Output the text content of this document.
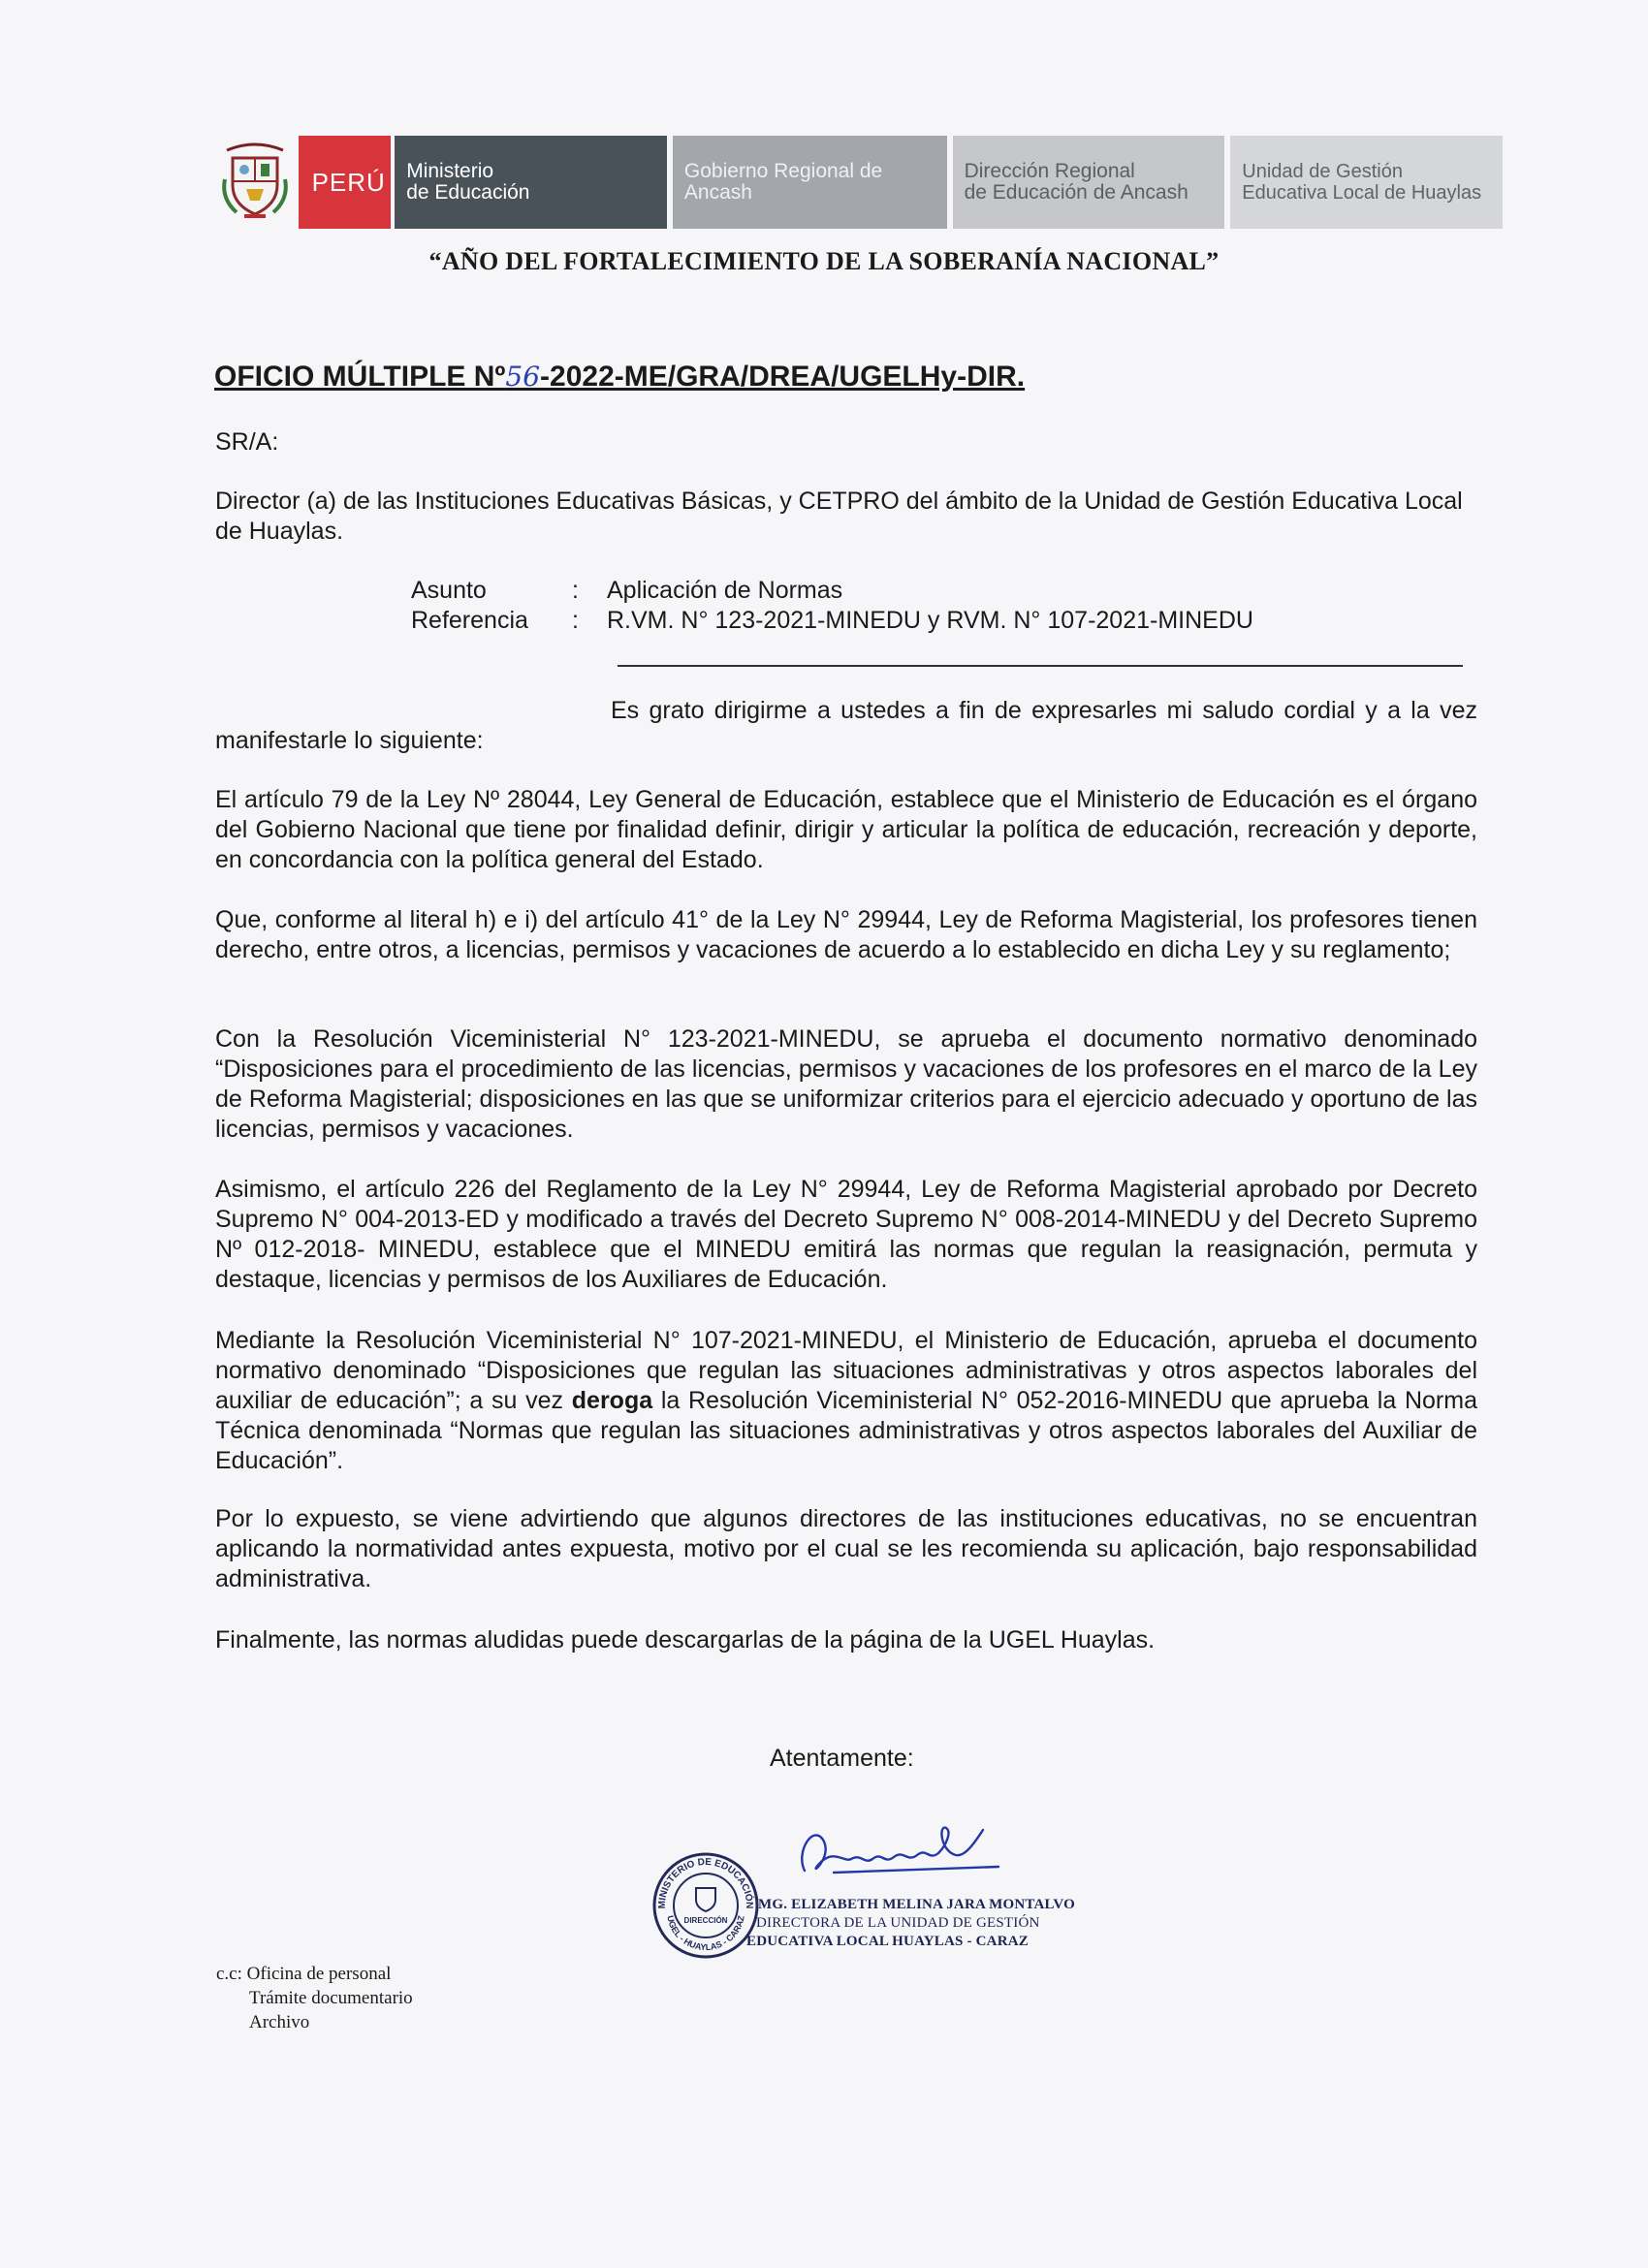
PERÚ Ministerio
de Educación
Gobierno Regional de
Ancash
Dirección Regional
de Educación de Ancash
Unidad de Gestión
Educativa Local de Huaylas
“AÑO DEL FORTALECIMIENTO DE LA SOBERANÍA NACIONAL”
OFICIO MÚLTIPLE Nº56-2022-ME/GRA/DREA/UGELHy-DIR.
SR/A:
Director (a) de las Instituciones Educativas Básicas, y CETPRO del ámbito de la Unidad de Gestión Educativa Local de Huaylas.
Asunto	:	Aplicación de Normas
Referencia	:	R.VM. N° 123-2021-MINEDU y RVM. N° 107-2021-MINEDU
Es grato dirigirme a ustedes a fin de expresarles mi saludo cordial y a la vez manifestarle lo siguiente:
El artículo 79 de la Ley Nº 28044, Ley General de Educación, establece que el Ministerio de Educación es el órgano del Gobierno Nacional que tiene por finalidad definir, dirigir y articular la política de educación, recreación y deporte, en concordancia con la política general del Estado.
Que, conforme al literal h) e i) del artículo 41° de la Ley N° 29944, Ley de Reforma Magisterial, los profesores tienen derecho, entre otros, a licencias, permisos y vacaciones de acuerdo a lo establecido en dicha Ley y su reglamento;
Con la Resolución Viceministerial N° 123-2021-MINEDU, se aprueba el documento normativo denominado “Disposiciones para el procedimiento de las licencias, permisos y vacaciones de los profesores en el marco de la Ley de Reforma Magisterial; disposiciones en las que se uniformizar criterios para el ejercicio adecuado y oportuno de las licencias, permisos y vacaciones.
Asimismo, el artículo 226 del Reglamento de la Ley N° 29944, Ley de Reforma Magisterial aprobado por Decreto Supremo N° 004-2013-ED y modificado a través del Decreto Supremo N° 008-2014-MINEDU y del Decreto Supremo Nº 012-2018- MINEDU, establece que el MINEDU emitirá las normas que regulan la reasignación, permuta y destaque, licencias y permisos de los Auxiliares de Educación.
Mediante la Resolución Viceministerial N° 107-2021-MINEDU, el Ministerio de Educación, aprueba el documento normativo denominado “Disposiciones que regulan las situaciones administrativas y otros aspectos laborales del auxiliar de educación”; a su vez deroga la Resolución Viceministerial N° 052-2016-MINEDU que aprueba la Norma Técnica denominada “Normas que regulan las situaciones administrativas y otros aspectos laborales del Auxiliar de Educación”.
Por lo expuesto, se viene advirtiendo que algunos directores de las instituciones educativas, no se encuentran aplicando la normatividad antes expuesta, motivo por el cual se les recomienda su aplicación, bajo responsabilidad administrativa.
Finalmente, las normas aludidas puede descargarlas de la página de la UGEL Huaylas.
Atentamente:
MINISTERIO DE EDUCACIÓN
UGEL - HUAYLAS - CARAZ
DIRECCIÓN
MG. ELIZABETH MELINA JARA MONTALVO
DIRECTORA DE LA UNIDAD DE GESTIÓN
EDUCATIVA LOCAL HUAYLAS - CARAZ
c.c: Oficina de personal
Trámite documentario
Archivo
